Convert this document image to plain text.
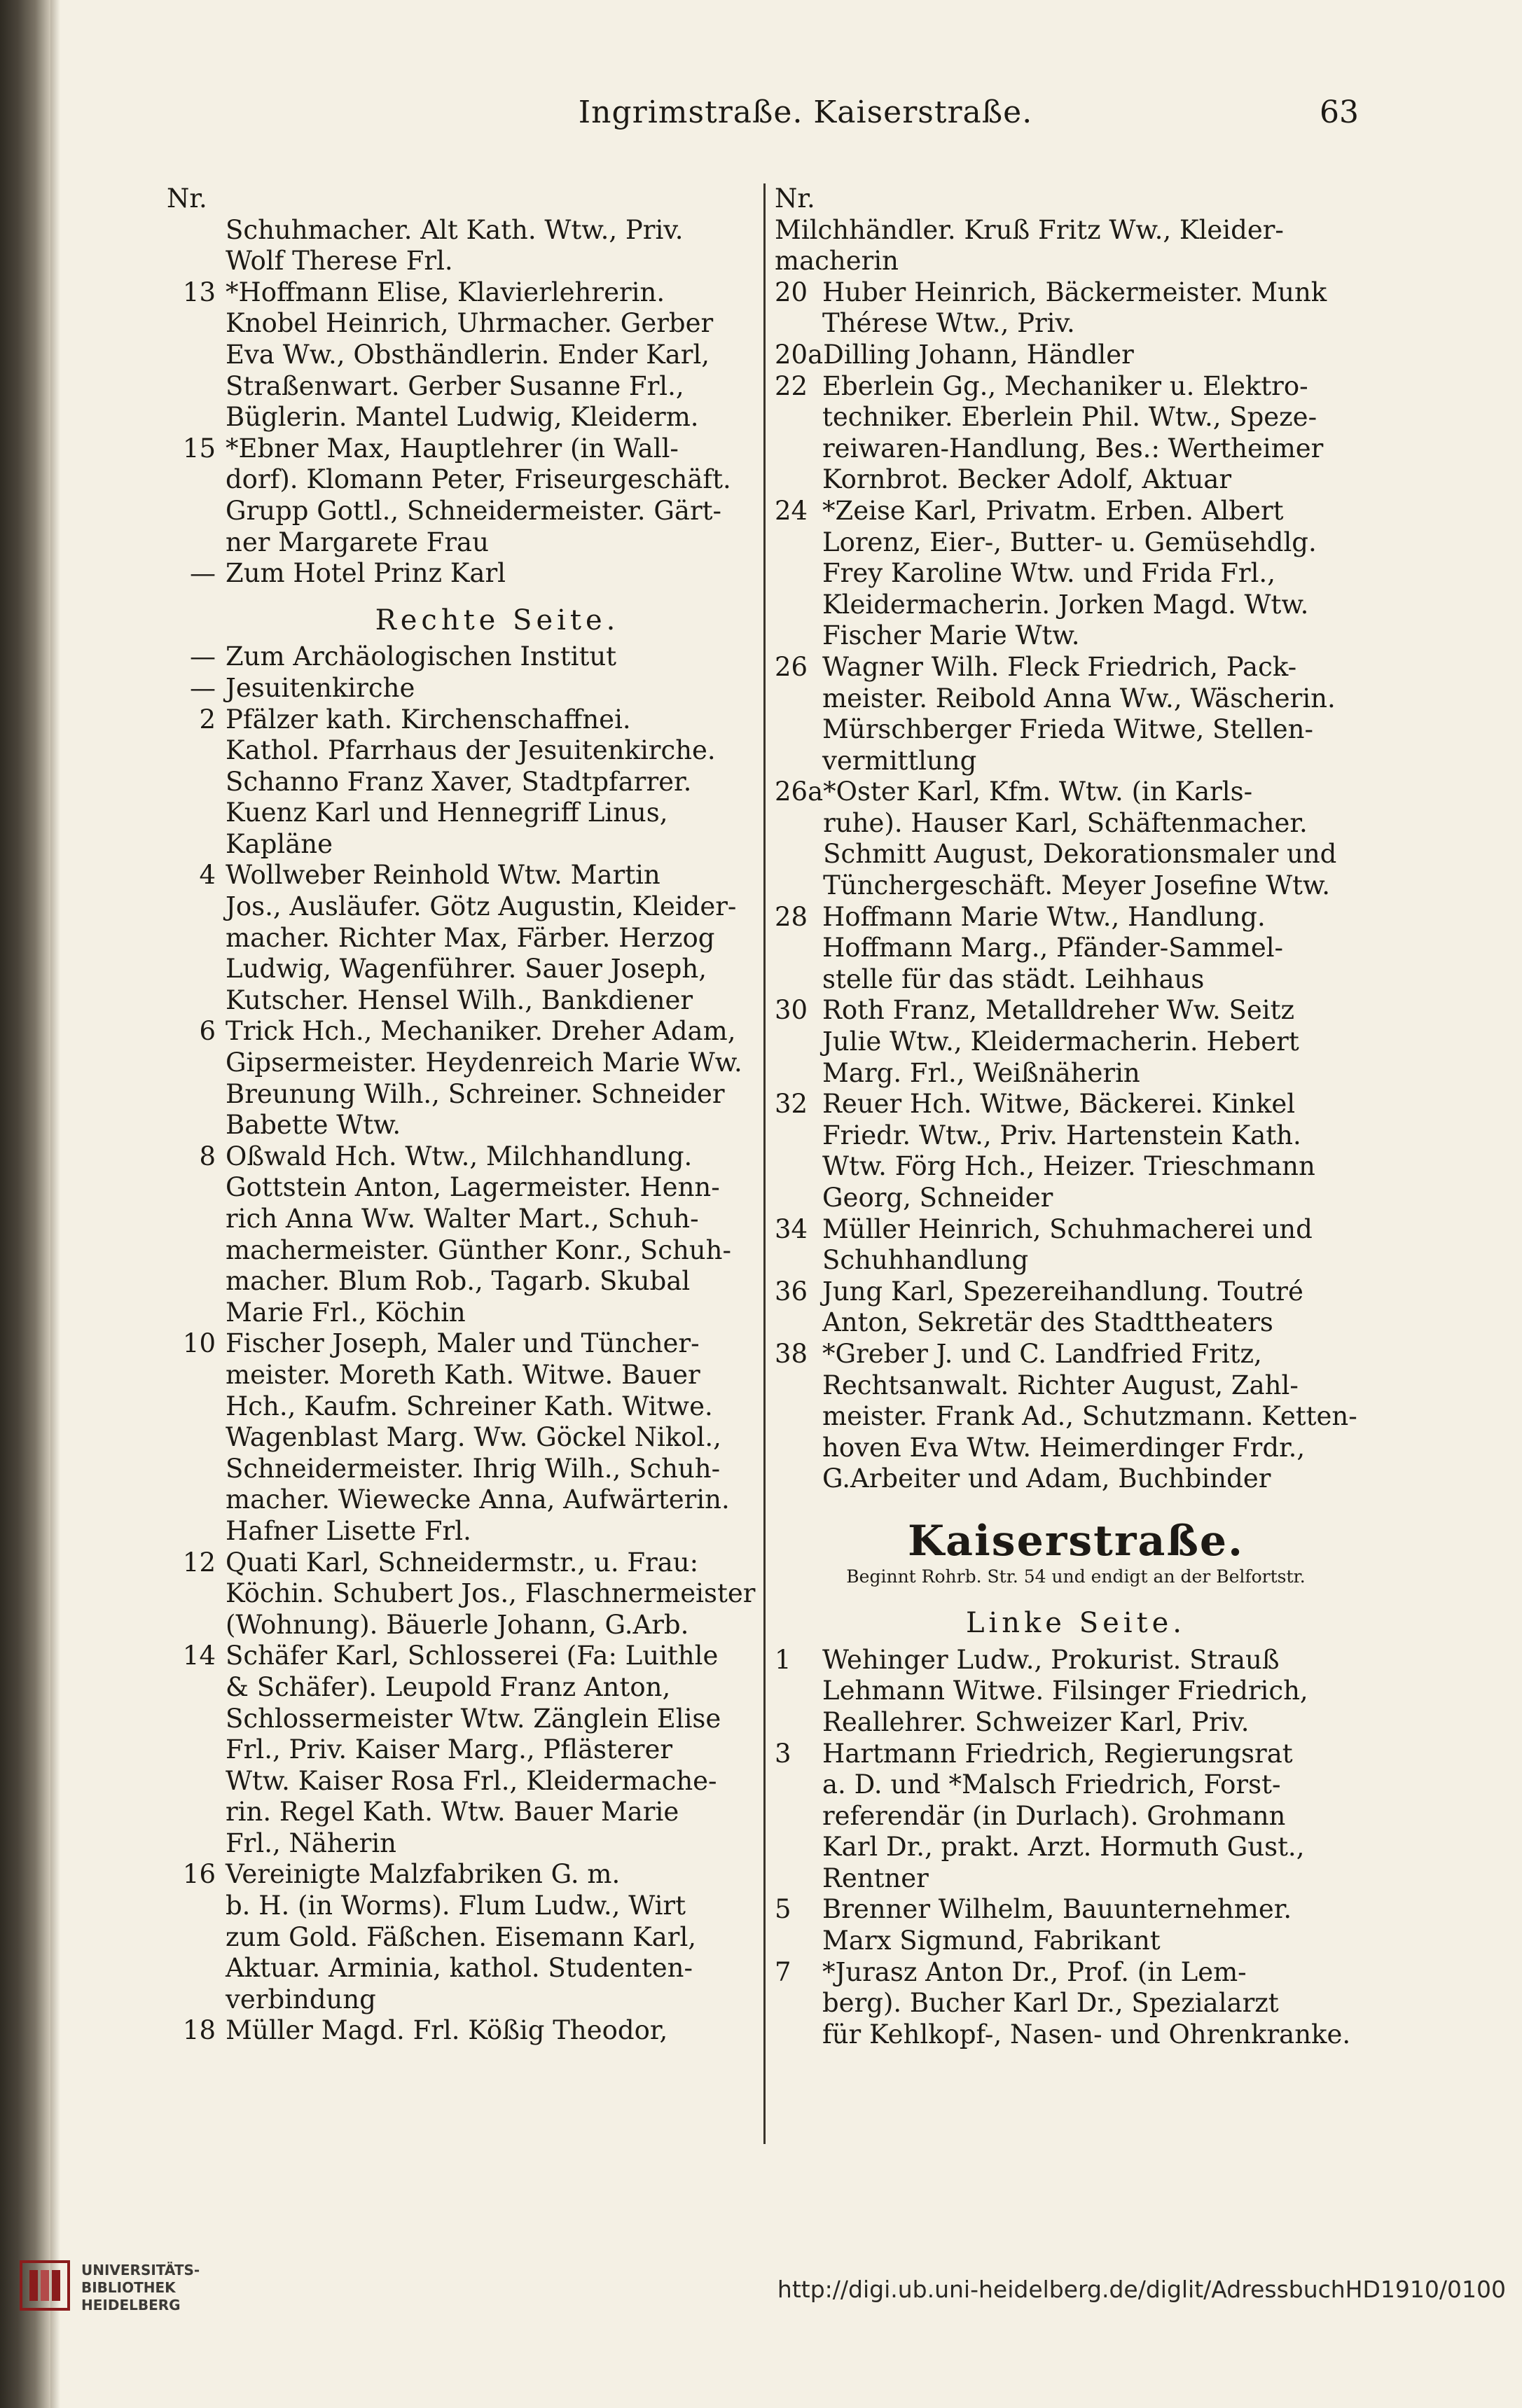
Ingrimstraße. Kaiserstraße.	63
Nr.
Schuhmacher. Alt Kath. Wtw., Priv.
Wolf Therese Frl.
13 *Hoffmann Elise, Klavierlehrerin.
Knobel Heinrich, Uhrmacher. Gerber
Eva Ww., Obsthändlerin. Ender Karl,
Straßenwart. Gerber Susanne Frl.,
Büglerin. Mantel Ludwig, Kleiderm.
15 *Ebner Max, Hauptlehrer (in Wall-
dorf). Klomann Peter, Friseurgeschäft.
Grupp Gottl., Schneidermeister. Gärt-
ner Margarete Frau
— Zum Hotel Prinz Karl
Rechte Seite.
— Zum Archäologischen Institut
— Jesuitenkirche
2 Pfälzer kath. Kirchenschaffnei.
Kathol. Pfarrhaus der Jesuitenkirche.
Schanno Franz Xaver, Stadtpfarrer.
Kuenz Karl und Hennegriff Linus,
Kapläne
4 Wollweber Reinhold Wtw. Martin
Jos., Ausläufer. Götz Augustin, Kleider-
macher. Richter Max, Färber. Herzog
Ludwig, Wagenführer. Sauer Joseph,
Kutscher. Hensel Wilh., Bankdiener
6 Trick Hch., Mechaniker. Dreher Adam,
Gipsermeister. Heydenreich Marie Ww.
Breunung Wilh., Schreiner. Schneider
Babette Wtw.
8 Oßwald Hch. Wtw., Milchhandlung.
Gottstein Anton, Lagermeister. Henn-
rich Anna Ww. Walter Mart., Schuh-
machermeister. Günther Konr., Schuh-
macher. Blum Rob., Tagarb. Skubal
Marie Frl., Köchin
10 Fischer Joseph, Maler und Tüncher-
meister. Moreth Kath. Witwe. Bauer
Hch., Kaufm. Schreiner Kath. Witwe.
Wagenblast Marg. Ww. Göckel Nikol.,
Schneidermeister. Ihrig Wilh., Schuh-
macher. Wiewecke Anna, Aufwärterin.
Hafner Lisette Frl.
12 Quati Karl, Schneidermstr., u. Frau:
Köchin. Schubert Jos., Flaschnermeister
(Wohnung). Bäuerle Johann, G.Arb.
14 Schäfer Karl, Schlosserei (Fa: Luithle
& Schäfer). Leupold Franz Anton,
Schlossermeister Wtw. Zänglein Elise
Frl., Priv. Kaiser Marg., Pflästerer
Wtw. Kaiser Rosa Frl., Kleidermache-
rin. Regel Kath. Wtw. Bauer Marie
Frl., Näherin
16 Vereinigte Malzfabriken G. m.
b. H. (in Worms). Flum Ludw., Wirt
zum Gold. Fäßchen. Eisemann Karl,
Aktuar. Arminia, kathol. Studenten-
verbindung
18 Müller Magd. Frl. Kößig Theodor,
Nr.
Milchhändler. Kruß Fritz Ww., Kleider-
macherin
20 Huber Heinrich, Bäckermeister. Munk
Thérese Wtw., Priv.
20a Dilling Johann, Händler
22 Eberlein Gg., Mechaniker u. Elektro-
techniker. Eberlein Phil. Wtw., Speze-
reiwaren-Handlung, Bes.: Wertheimer
Kornbrot. Becker Adolf, Aktuar
24 *Zeise Karl, Privatm. Erben. Albert
Lorenz, Eier-, Butter- u. Gemüsehdlg.
Frey Karoline Wtw. und Frida Frl.,
Kleidermacherin. Jorken Magd. Wtw.
Fischer Marie Wtw.
26 Wagner Wilh. Fleck Friedrich, Pack-
meister. Reibold Anna Ww., Wäscherin.
Mürschberger Frieda Witwe, Stellen-
vermittlung
26a *Oster Karl, Kfm. Wtw. (in Karls-
ruhe). Hauser Karl, Schäftenmacher.
Schmitt August, Dekorationsmaler und
Tünchergeschäft. Meyer Josefine Wtw.
28 Hoffmann Marie Wtw., Handlung.
Hoffmann Marg., Pfänder-Sammel-
stelle für das städt. Leihhaus
30 Roth Franz, Metalldreher Ww. Seitz
Julie Wtw., Kleidermacherin. Hebert
Marg. Frl., Weißnäherin
32 Reuer Hch. Witwe, Bäckerei. Kinkel
Friedr. Wtw., Priv. Hartenstein Kath.
Wtw. Förg Hch., Heizer. Trieschmann
Georg, Schneider
34 Müller Heinrich, Schuhmacherei und
Schuhhandlung
36 Jung Karl, Spezereihandlung. Toutré
Anton, Sekretär des Stadttheaters
38 *Greber J. und C. Landfried Fritz,
Rechtsanwalt. Richter August, Zahl-
meister. Frank Ad., Schutzmann. Ketten-
hoven Eva Wtw. Heimerdinger Frdr.,
G.Arbeiter und Adam, Buchbinder
Kaiserstraße.
Beginnt Rohrb. Str. 54 und endigt an der Belfortstr.
Linke Seite.
1	Wehinger Ludw., Prokurist. Strauß
Lehmann Witwe. Filsinger Friedrich,
Reallehrer. Schweizer Karl, Priv.
3	Hartmann Friedrich, Regierungsrat
a. D. und *Malsch Friedrich, Forst-
referendär (in Durlach). Grohmann
Karl Dr., prakt. Arzt. Hormuth Gust.,
Rentner
5	Brenner Wilhelm, Bauunternehmer.
Marx Sigmund, Fabrikant
7	*Jurasz Anton Dr., Prof. (in Lem-
berg). Bucher Karl Dr., Spezialarzt
für Kehlkopf-, Nasen- und Ohrenkranke.
UNIVERSITÄTS-
BIBLIOTHEK
HEIDELBERG
http://digi.ub.uni-heidelberg.de/diglit/AdressbuchHD1910/0100
